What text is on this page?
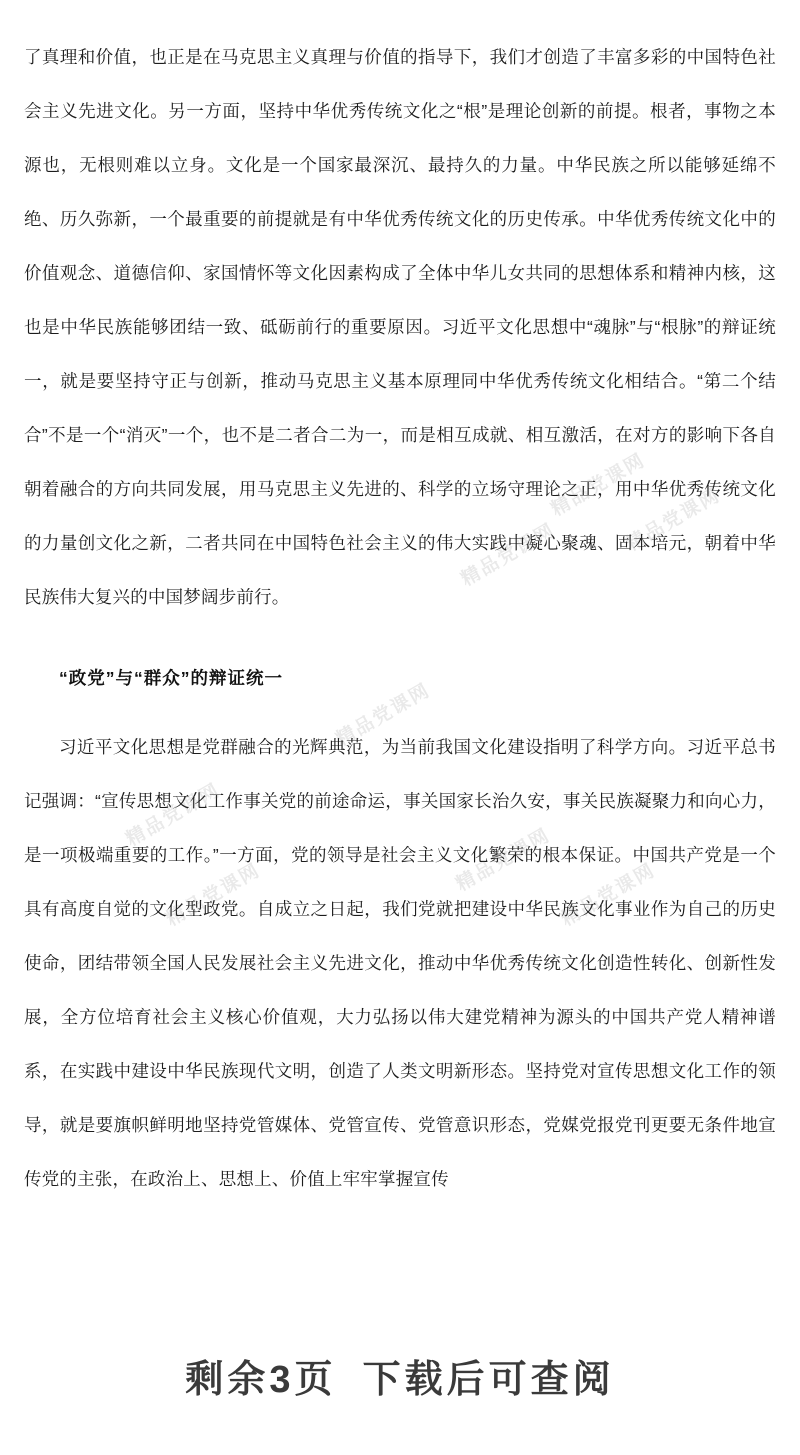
精品党课网
精品党课网
精品党课网
精品党课网
精品党课网
精品党课网
精品党课网	精品党课网

了真理和价值，也正是在马克思主义真理与价值的指导下，我们才创造了丰富多彩的中国特色社会主义先进文化。另一方面，坚持中华优秀传统文化之“根”是理论创新的前提。根者，事物之本源也，无根则难以立身。文化是一个国家最深沉、最持久的力量。中华民族之所以能够延绵不绝、历久弥新，一个最重要的前提就是有中华优秀传统文化的历史传承。中华优秀传统文化中的价值观念、道德信仰、家国情怀等文化因素构成了全体中华儿女共同的思想体系和精神内核，这也是中华民族能够团结一致、砥砺前行的重要原因。习近平文化思想中“魂脉”与“根脉”的辩证统一，就是要坚持守正与创新，推动马克思主义基本原理同中华优秀传统文化相结合。“第二个结合”不是一个“消灭”一个，也不是二者合二为一，而是相互成就、相互激活，在对方的影响下各自朝着融合的方向共同发展，用马克思主义先进的、科学的立场守理论之正，用中华优秀传统文化的力量创文化之新，二者共同在中国特色社会主义的伟大实践中凝心聚魂、固本培元，朝着中华民族伟大复兴的中国梦阔步前行。

“政党”与“群众”的辩证统一

习近平文化思想是党群融合的光辉典范，为当前我国文化建设指明了科学方向。习近平总书记强调：“宣传思想文化工作事关党的前途命运，事关国家长治久安，事关民族凝聚力和向心力，是一项极端重要的工作。”一方面，党的领导是社会主义文化繁荣的根本保证。中国共产党是一个具有高度自觉的文化型政党。自成立之日起，我们党就把建设中华民族文化事业作为自己的历史使命，团结带领全国人民发展社会主义先进文化，推动中华优秀传统文化创造性转化、创新性发展，全方位培育社会主义核心价值观，大力弘扬以伟大建党精神为源头的中国共产党人精神谱系，在实践中建设中华民族现代文明，创造了人类文明新形态。坚持党对宣传思想文化工作的领导，就是要旗帜鲜明地坚持党管媒体、党管宣传、党管意识形态，党媒党报党刊更要无条件地宣传党的主张，在政治上、思想上、价值上牢牢掌握宣传

剩余3页 下载后可查阅
